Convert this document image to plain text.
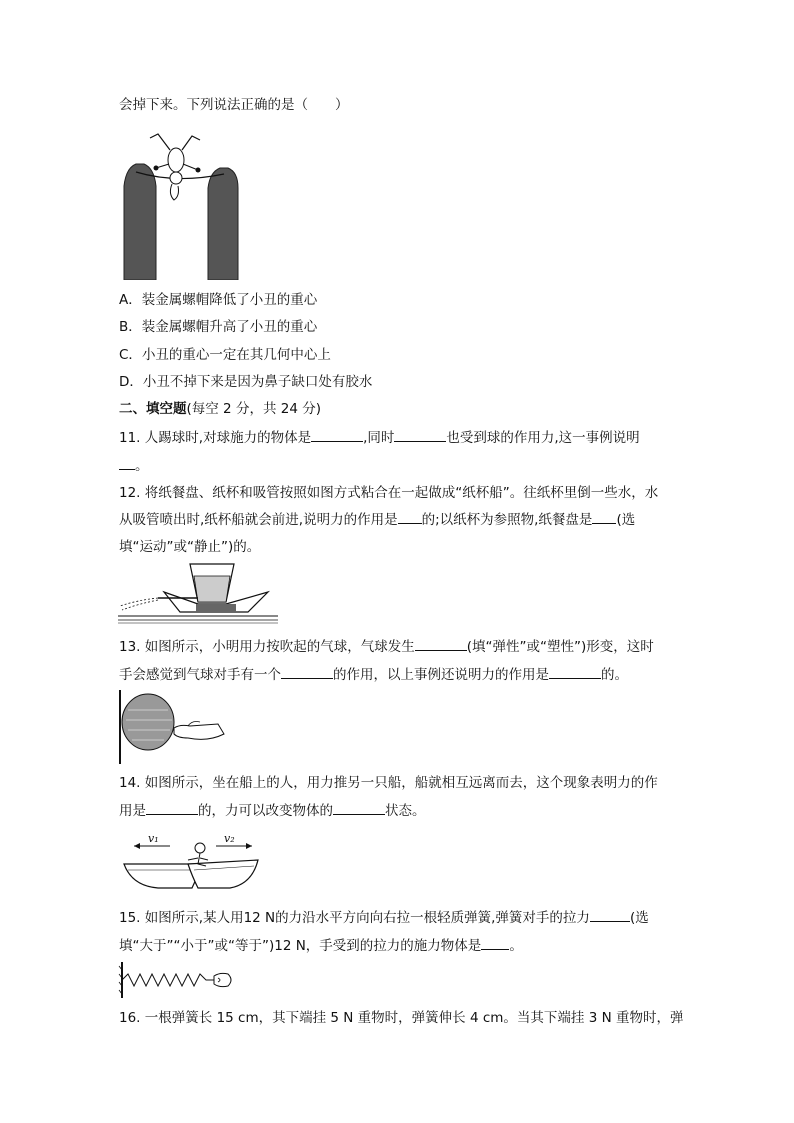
会掉下来。下列说法正确的是（　　）
A．装金属螺帽降低了小丑的重心
B．装金属螺帽升高了小丑的重心
C．小丑的重心一定在其几何中心上
D．小丑不掉下来是因为鼻子缺口处有胶水
二、填空题(每空 2 分，共 24 分)
11. 人踢球时,对球施力的物体是	,同时	也受到球的作用力,这一事例说明
。
12. 将纸餐盘、纸杯和吸管按照如图方式粘合在一起做成“纸杯船”。往纸杯里倒一些水，水
从吸管喷出时,纸杯船就会前进,说明力的作用是 的;以纸杯为参照物,纸餐盘是 (选
填“运动”或“静止”)的。
13. 如图所示，小明用力按吹起的气球，气球发生	(填“弹性”或“塑性”)形变，这时
手会感觉到气球对手有一个	的作用，以上事例还说明力的作用是	的。
14. 如图所示，坐在船上的人，用力推另一只船，船就相互远离而去，这个现象表明力的作
用是	的，力可以改变物体的	状态。
v₁	v₂
15. 如图所示,某人用12 N的力沿水平方向向右拉一根轻质弹簧,弹簧对手的拉力	(选
填“大于”“小于”或“等于”)12 N，手受到的拉力的施力物体是 。
16. 一根弹簧长 15 cm，其下端挂 5 N 重物时，弹簧伸长 4 cm。当其下端挂 3 N 重物时，弹
